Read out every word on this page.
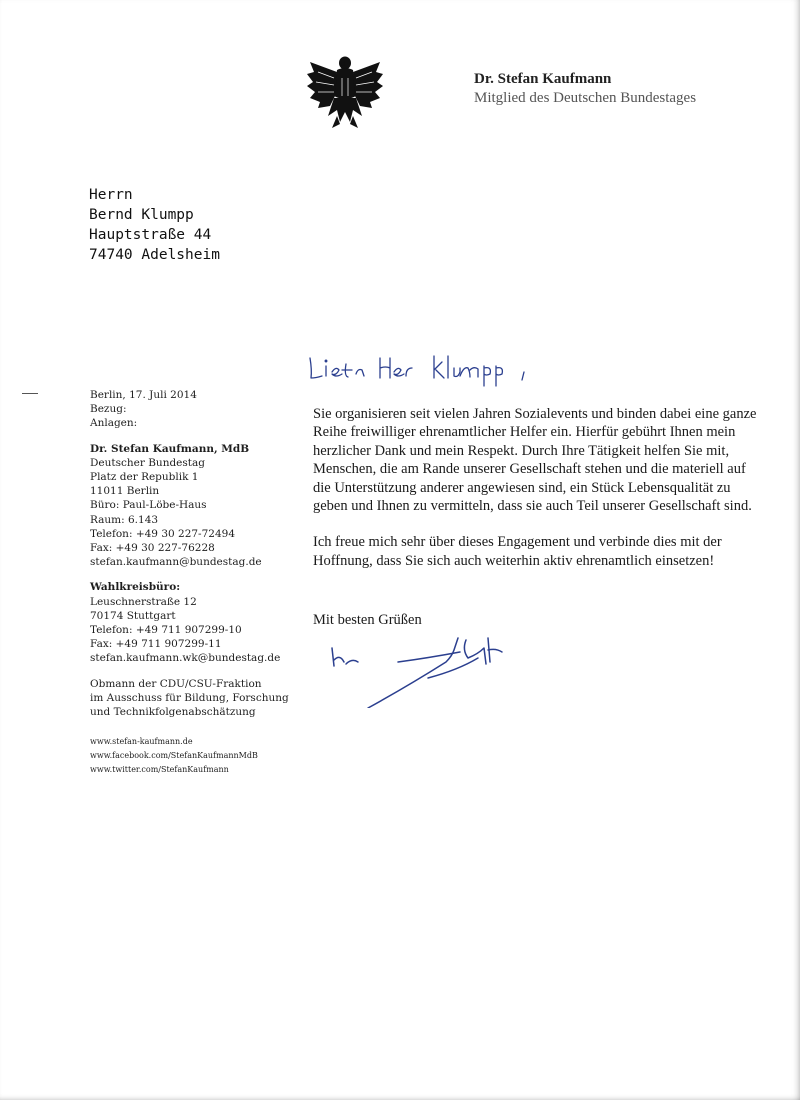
Dr. Stefan Kaufmann
Mitglied des Deutschen Bundestages
Herrn
Bernd Klumpp
Hauptstraße 44
74740 Adelsheim
Berlin, 17. Juli 2014
Bezug:
Anlagen:
Dr. Stefan Kaufmann, MdB
Deutscher Bundestag
Platz der Republik 1
11011 Berlin
Büro: Paul-Löbe-Haus
Raum: 6.143
Telefon: +49 30 227-72494
Fax: +49 30 227-76228
stefan.kaufmann@bundestag.de
Wahlkreisbüro:
Leuschnerstraße 12
70174 Stuttgart
Telefon: +49 711 907299-10
Fax: +49 711 907299-11
stefan.kaufmann.wk@bundestag.de
Obmann der CDU/CSU-Fraktion
im Ausschuss für Bildung, Forschung
und Technikfolgenabschätzung
www.stefan-kaufmann.de
www.facebook.com/StefanKaufmannMdB
www.twitter.com/StefanKaufmann

Sie organisieren seit vielen Jahren Sozialevents und binden dabei eine ganze Reihe freiwilliger ehrenamtlicher Helfer ein. Hierfür gebührt Ihnen mein herzlicher Dank und mein Respekt. Durch Ihre Tätigkeit helfen Sie mit, Menschen, die am Rande unserer Gesellschaft stehen und die materiell auf die Unterstützung anderer angewiesen sind, ein Stück Lebensqualität zu geben und Ihnen zu vermitteln, dass sie auch Teil unserer Gesellschaft sind.

Ich freue mich sehr über dieses Engagement und verbinde dies mit der Hoffnung, dass Sie sich auch weiterhin aktiv ehrenamtlich einsetzen!

Mit besten Grüßen
